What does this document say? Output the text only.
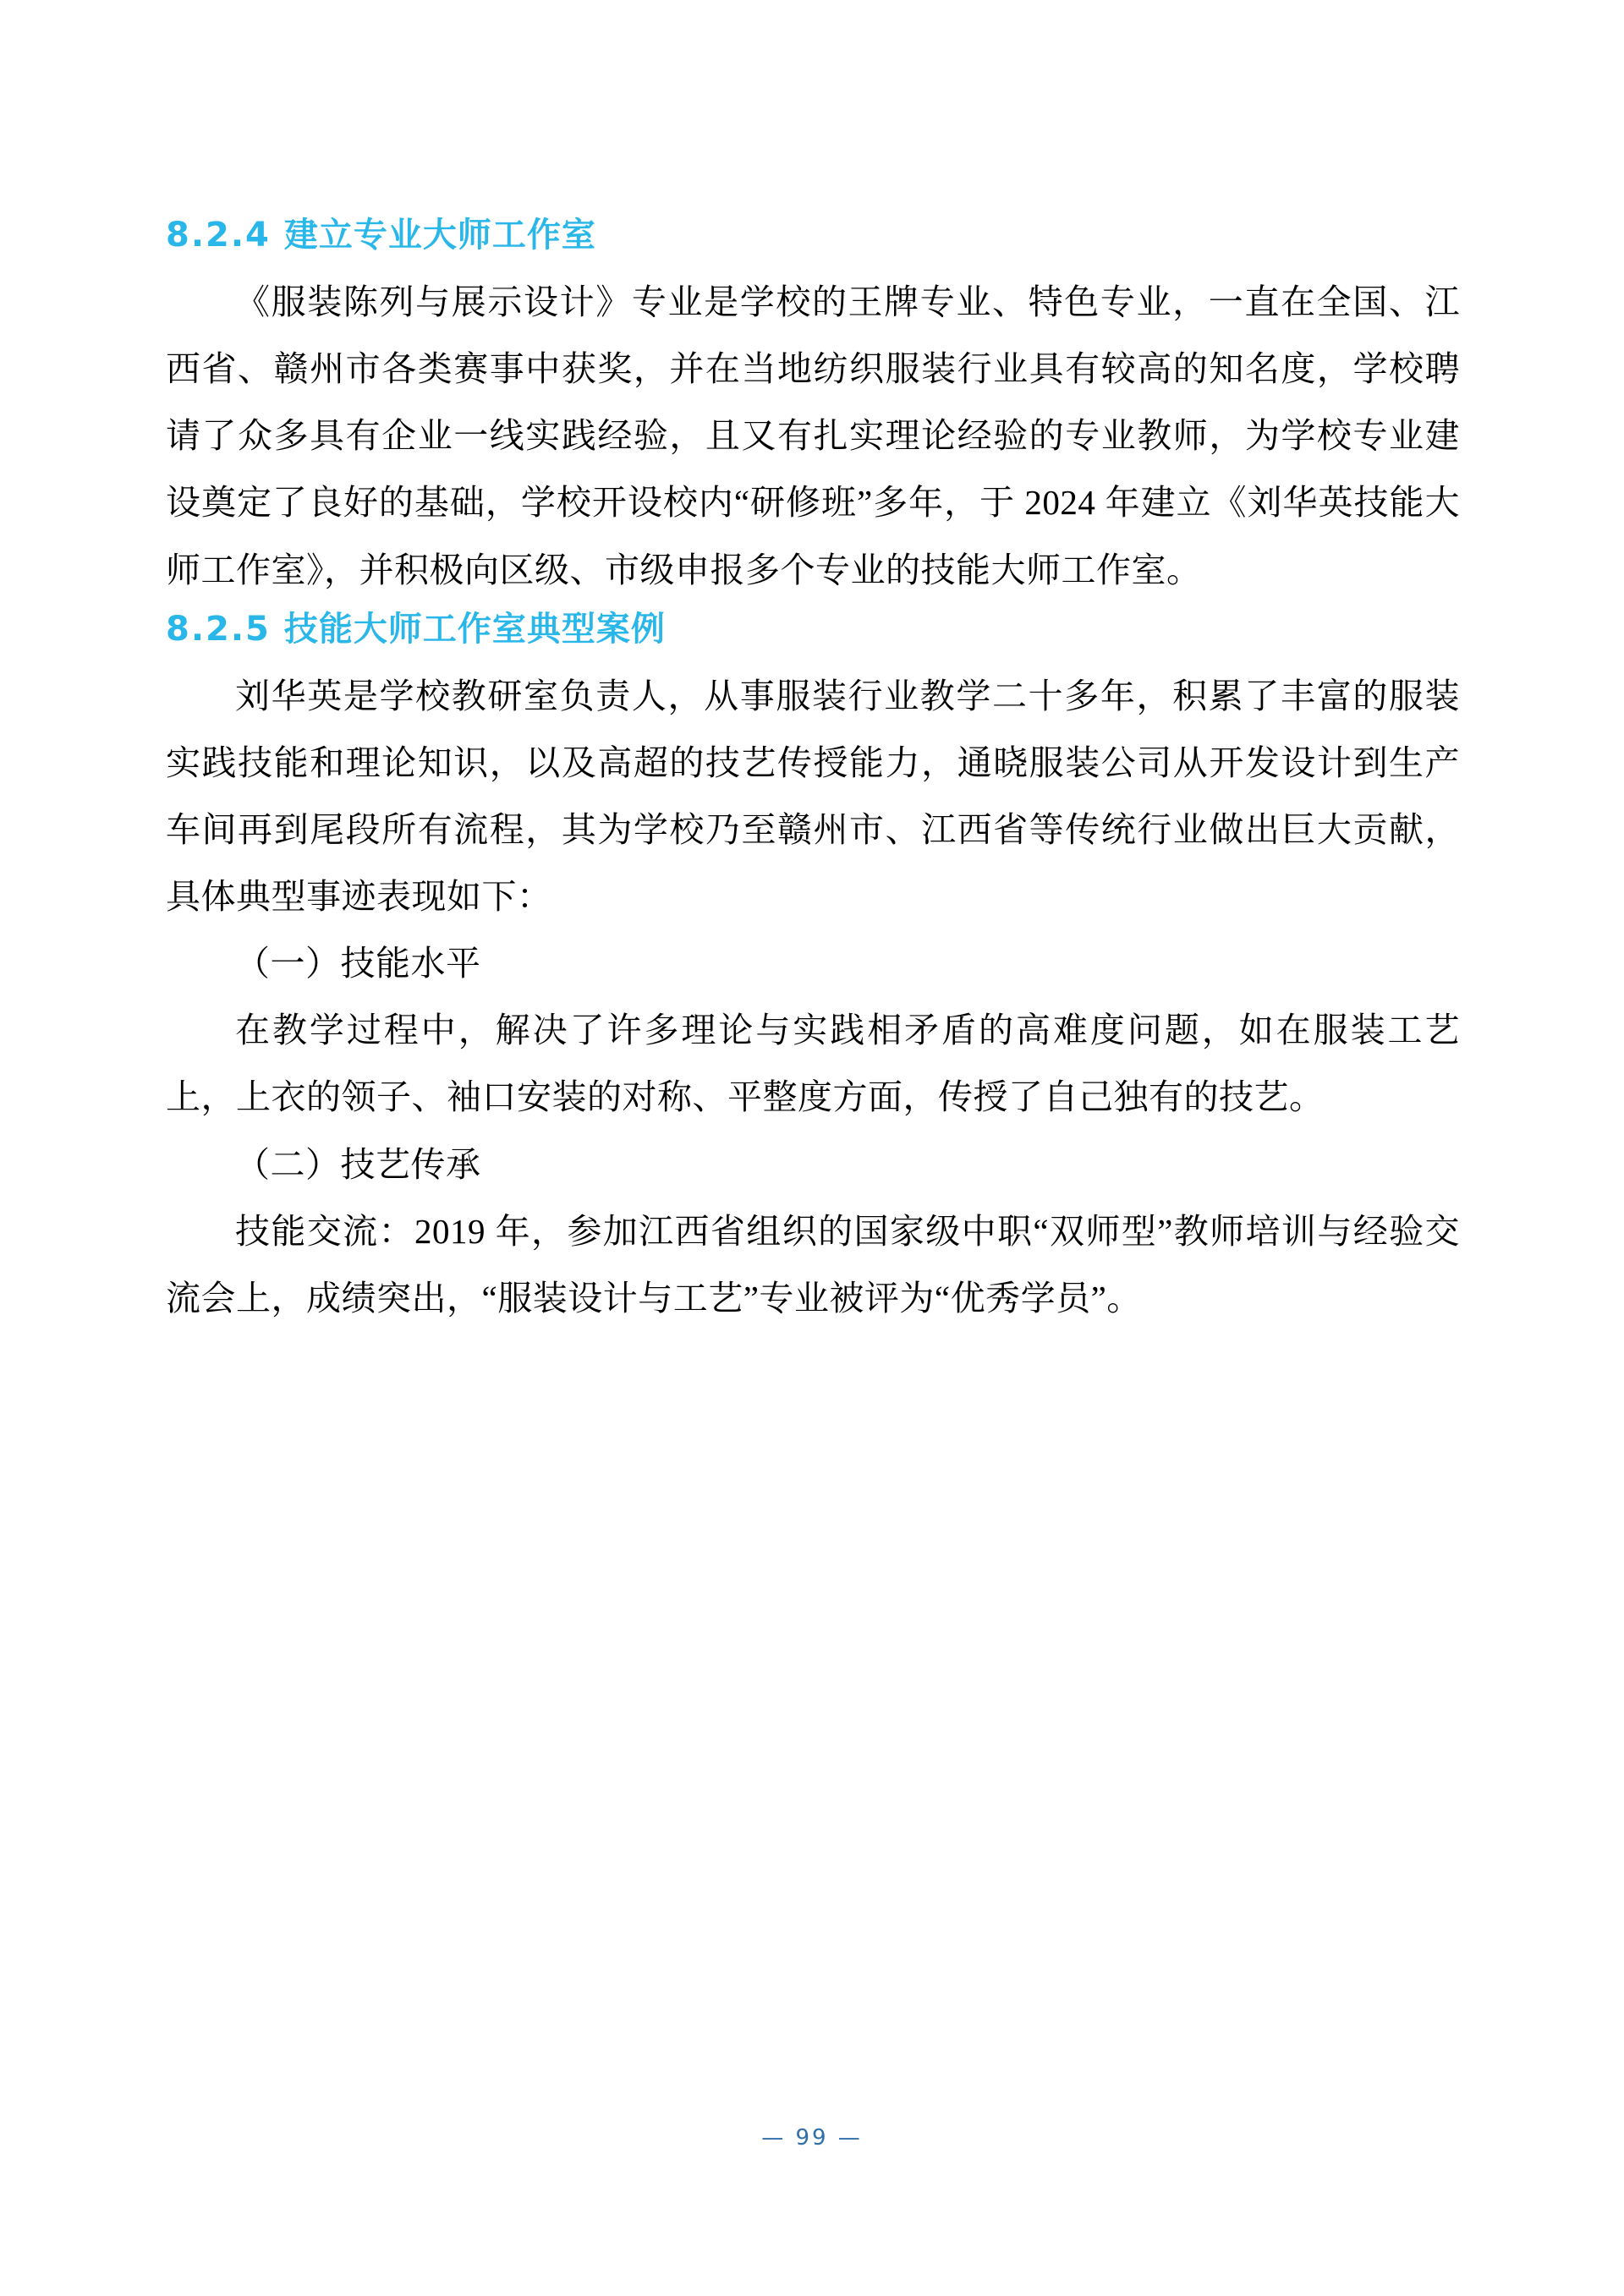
8.2.4 建立专业大师工作室

《服装陈列与展示设计》专业是学校的王牌专业、特色专业，一直在全国、江西省、赣州市各类赛事中获奖，并在当地纺织服装行业具有较高的知名度，学校聘请了众多具有企业一线实践经验，且又有扎实理论经验的专业教师，为学校专业建设奠定了良好的基础，学校开设校内“研修班”多年，于 2024 年建立《刘华英技能大师工作室》，并积极向区级、市级申报多个专业的技能大师工作室。

8.2.5 技能大师工作室典型案例

刘华英是学校教研室负责人，从事服装行业教学二十多年，积累了丰富的服装实践技能和理论知识，以及高超的技艺传授能力，通晓服装公司从开发设计到生产车间再到尾段所有流程，其为学校乃至赣州市、江西省等传统行业做出巨大贡献，具体典型事迹表现如下：

（一）技能水平

在教学过程中，解决了许多理论与实践相矛盾的高难度问题，如在服装工艺上，上衣的领子、袖口安装的对称、平整度方面，传授了自己独有的技艺。

（二）技艺传承

技能交流：2019 年，参加江西省组织的国家级中职“双师型”教师培训与经验交流会上，成绩突出，“服装设计与工艺”专业被评为“优秀学员”。

— 99 —
